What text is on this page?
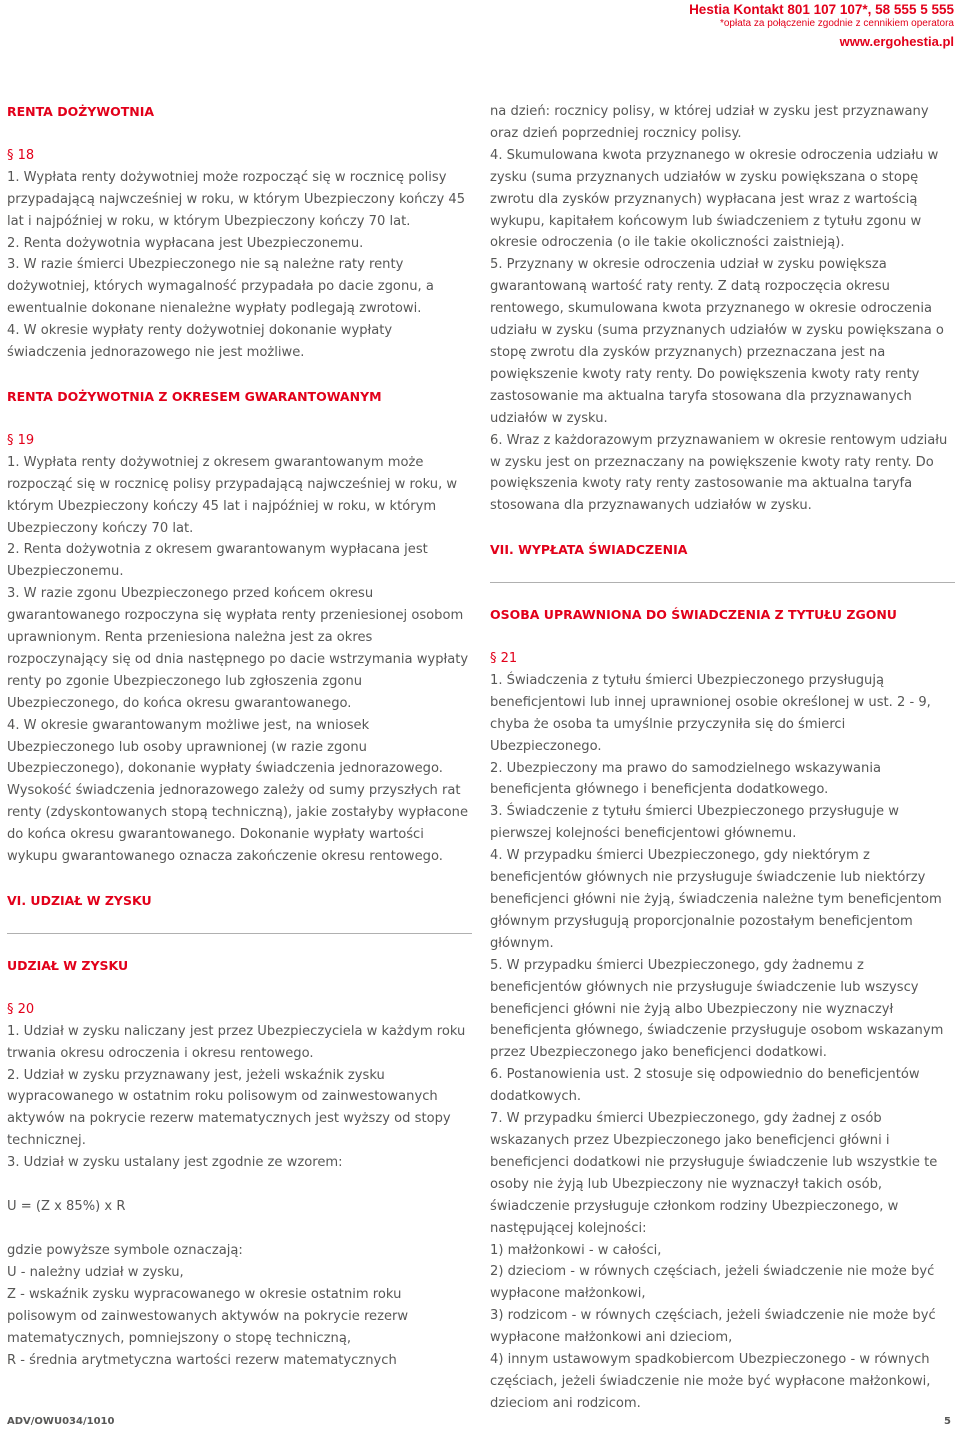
Hestia Kontakt 801 107 107*, 58 555 5 555
*opłata za połączenie zgodnie z cennikiem operatora
www.ergohestia.pl

RENTA DOŻYWOTNIA

§ 18

1. Wypłata renty dożywotniej może rozpocząć się w rocznicę polisy przypadającą najwcześniej w roku, w którym Ubezpieczony kończy 45 lat i najpóźniej w roku, w którym Ubezpieczony kończy 70 lat.

2. Renta dożywotnia wypłacana jest Ubezpieczonemu.

3. W razie śmierci Ubezpieczonego nie są należne raty renty dożywotniej, których wymagalność przypadała po dacie zgonu, a ewentualnie dokonane nienależne wypłaty podlegają zwrotowi.

4. W okresie wypłaty renty dożywotniej dokonanie wypłaty świadczenia jednorazowego nie jest możliwe.

RENTA DOŻYWOTNIA Z OKRESEM GWARANTOWANYM

§ 19

1. Wypłata renty dożywotniej z okresem gwarantowanym może rozpocząć się w rocznicę polisy przypadającą najwcześniej w roku, w którym Ubezpieczony kończy 45 lat i najpóźniej w roku, w którym Ubezpieczony kończy 70 lat.

2. Renta dożywotnia z okresem gwarantowanym wypłacana jest Ubezpieczonemu.

3. W razie zgonu Ubezpieczonego przed końcem okresu gwarantowanego rozpoczyna się wypłata renty przeniesionej osobom uprawnionym. Renta przeniesiona należna jest za okres rozpoczynający się od dnia następnego po dacie wstrzymania wypłaty renty po zgonie Ubezpieczonego lub zgłoszenia zgonu Ubezpieczonego, do końca okresu gwarantowanego.

4. W okresie gwarantowanym możliwe jest, na wniosek Ubezpieczonego lub osoby uprawnionej (w razie zgonu Ubezpieczonego), dokonanie wypłaty świadczenia jednorazowego. Wysokość świadczenia jednorazowego zależy od sumy przyszłych rat renty (zdyskontowanych stopą techniczną), jakie zostałyby wypłacone do końca okresu gwarantowanego. Dokonanie wypłaty wartości wykupu gwarantowanego oznacza zakończenie okresu rentowego.

VI. UDZIAŁ W ZYSKU

UDZIAŁ W ZYSKU

§ 20

1. Udział w zysku naliczany jest przez Ubezpieczyciela w każdym roku trwania okresu odroczenia i okresu rentowego.

2. Udział w zysku przyznawany jest, jeżeli wskaźnik zysku wypracowanego w ostatnim roku polisowym od zainwestowanych aktywów na pokrycie rezerw matematycznych jest wyższy od stopy technicznej.

3. Udział w zysku ustalany jest zgodnie ze wzorem:

U = (Z x 85%) x R

gdzie powyższe symbole oznaczają:

U - należny udział w zysku,

Z - wskaźnik zysku wypracowanego w okresie ostatnim roku polisowym od zainwestowanych aktywów na pokrycie rezerw matematycznych, pomniejszony o stopę techniczną,

R - średnia arytmetyczna wartości rezerw matematycznych

na dzień: rocznicy polisy, w której udział w zysku jest przyznawany oraz dzień poprzedniej rocznicy polisy.

4. Skumulowana kwota przyznanego w okresie odroczenia udziału w zysku (suma przyznanych udziałów w zysku powiększana o stopę zwrotu dla zysków przyznanych) wypłacana jest wraz z wartością wykupu, kapitałem końcowym lub świadczeniem z tytułu zgonu w okresie odroczenia (o ile takie okoliczności zaistnieją).

5. Przyznany w okresie odroczenia udział w zysku powiększa gwarantowaną wartość raty renty. Z datą rozpoczęcia okresu rentowego, skumulowana kwota przyznanego w okresie odroczenia udziału w zysku (suma przyznanych udziałów w zysku powiększana o stopę zwrotu dla zysków przyznanych) przeznaczana jest na powiększenie kwoty raty renty. Do powiększenia kwoty raty renty zastosowanie ma aktualna taryfa stosowana dla przyznawanych udziałów w zysku.

6. Wraz z każdorazowym przyznawaniem w okresie rentowym udziału w zysku jest on przeznaczany na powiększenie kwoty raty renty. Do powiększenia kwoty raty renty zastosowanie ma aktualna taryfa stosowana dla przyznawanych udziałów w zysku.

VII. WYPŁATA ŚWIADCZENIA

OSOBA UPRAWNIONA DO ŚWIADCZENIA Z TYTUŁU ZGONU

§ 21

1. Świadczenia z tytułu śmierci Ubezpieczonego przysługują beneficjentowi lub innej uprawnionej osobie określonej w ust. 2 - 9, chyba że osoba ta umyślnie przyczyniła się do śmierci Ubezpieczonego.

2. Ubezpieczony ma prawo do samodzielnego wskazywania beneficjenta głównego i beneficjenta dodatkowego.

3. Świadczenie z tytułu śmierci Ubezpieczonego przysługuje w pierwszej kolejności beneficjentowi głównemu.

4. W przypadku śmierci Ubezpieczonego, gdy niektórym z beneficjentów głównych nie przysługuje świadczenie lub niektórzy beneficjenci główni nie żyją, świadczenia należne tym beneficjentom głównym przysługują proporcjonalnie pozostałym beneficjentom głównym.

5. W przypadku śmierci Ubezpieczonego, gdy żadnemu z beneficjentów głównych nie przysługuje świadczenie lub wszyscy beneficjenci główni nie żyją albo Ubezpieczony nie wyznaczył beneficjenta głównego, świadczenie przysługuje osobom wskazanym przez Ubezpieczonego jako beneficjenci dodatkowi.

6. Postanowienia ust. 2 stosuje się odpowiednio do beneficjentów dodatkowych.

7. W przypadku śmierci Ubezpieczonego, gdy żadnej z osób wskazanych przez Ubezpieczonego jako beneficjenci główni i beneficjenci dodatkowi nie przysługuje świadczenie lub wszystkie te osoby nie żyją lub Ubezpieczony nie wyznaczył takich osób, świadczenie przysługuje członkom rodziny Ubezpieczonego, w następującej kolejności:

1) małżonkowi - w całości,

2) dzieciom - w równych częściach, jeżeli świadczenie nie może być wypłacone małżonkowi,

3) rodzicom - w równych częściach, jeżeli świadczenie nie może być wypłacone małżonkowi ani dzieciom,

4) innym ustawowym spadkobiercom Ubezpieczonego - w równych częściach, jeżeli świadczenie nie może być wypłacone małżonkowi, dzieciom ani rodzicom.

ADV/OWU034/1010	5
